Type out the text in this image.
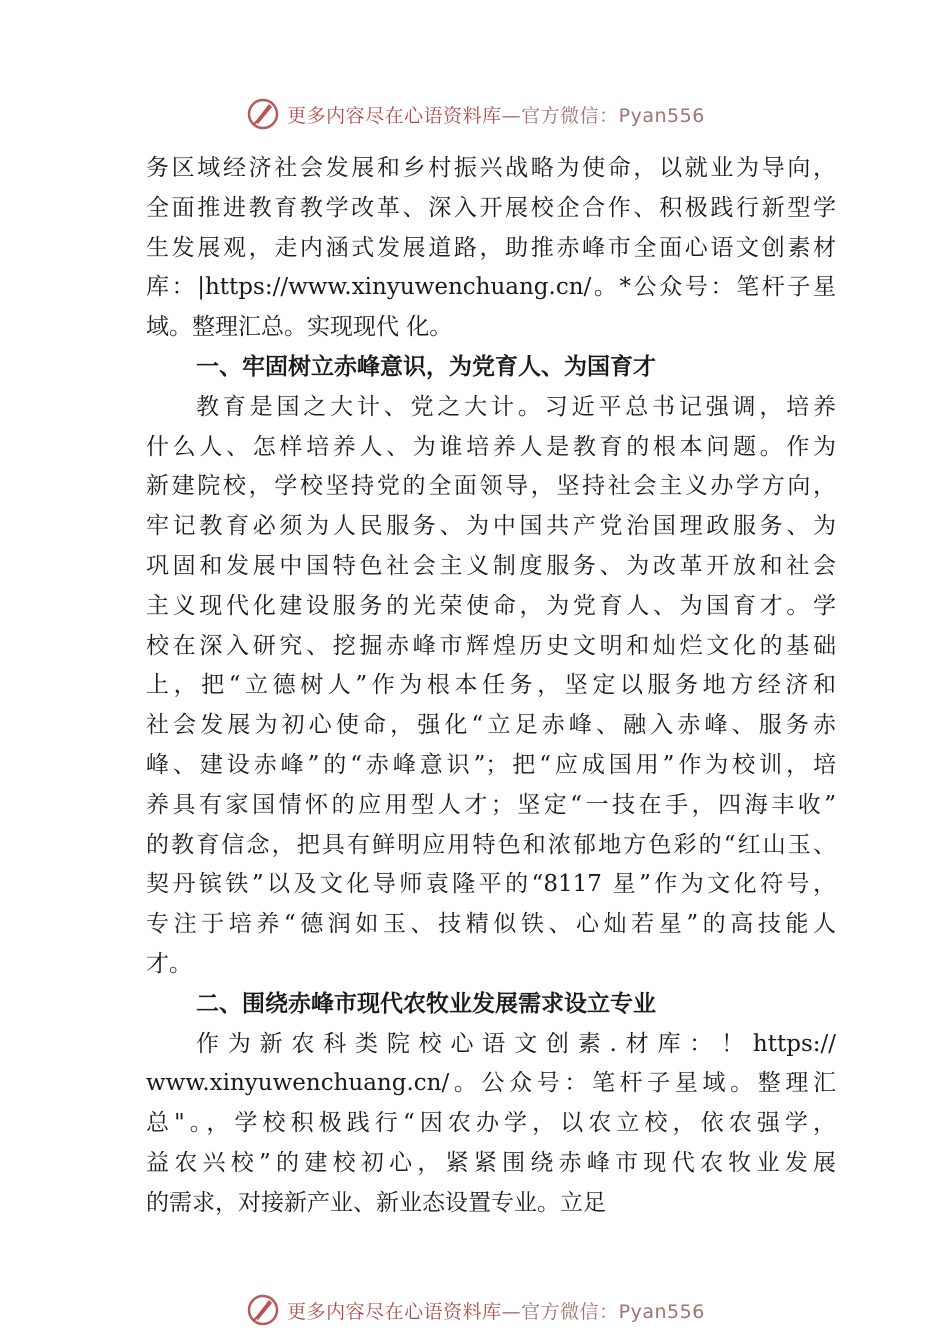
更多内容尽在心语资料库—官方微信：Pyan556
务区域经济社会发展和乡村振兴战略为使命，以就业为导向，
全面推进教育教学改革、深入开展校企合作、积极践行新型学
生发展观，走内涵式发展道路，助推赤峰市全面心语文创素材
库：|https://www.xinyuwenchuang.cn/。*公众号：笔杆子星
域。整理汇总。实现现代 化。
一、牢固树立赤峰意识，为党育人、为国育才
教育是国之大计、党之大计。习近平总书记强调，培养
什么人、怎样培养人、为谁培养人是教育的根本问题。作为
新建院校，学校坚持党的全面领导，坚持社会主义办学方向，
牢记教育必须为人民服务、为中国共产党治国理政服务、为
巩固和发展中国特色社会主义制度服务、为改革开放和社会
主义现代化建设服务的光荣使命，为党育人、为国育才。学
校在深入研究、挖掘赤峰市辉煌历史文明和灿烂文化的基础
上，把“立德树人”作为根本任务，坚定以服务地方经济和
社会发展为初心使命，强化“立足赤峰、融入赤峰、服务赤
峰、建设赤峰”的“赤峰意识”；把“应成国用”作为校训，培
养具有家国情怀的应用型人才；坚定“一技在手，四海丰收”
的教育信念，把具有鲜明应用特色和浓郁地方色彩的“红山玉、
契丹镔铁”以及文化导师袁隆平的“8117 星”作为文化符号，
专注于培养“德润如玉、技精似铁、心灿若星”的高技能人
才。
二、围绕赤峰市现代农牧业发展需求设立专业
作为新农科类院校心语文创素.材库：！https://
www.xinyuwenchuang.cn/。公众号：笔杆子星域。整理汇
总"。，学校积极践行“因农办学，以农立校，依农强学，
益农兴校”的建校初心，紧紧围绕赤峰市现代农牧业发展
的需求，对接新产业、新业态设置专业。立足
更多内容尽在心语资料库—官方微信：Pyan556
